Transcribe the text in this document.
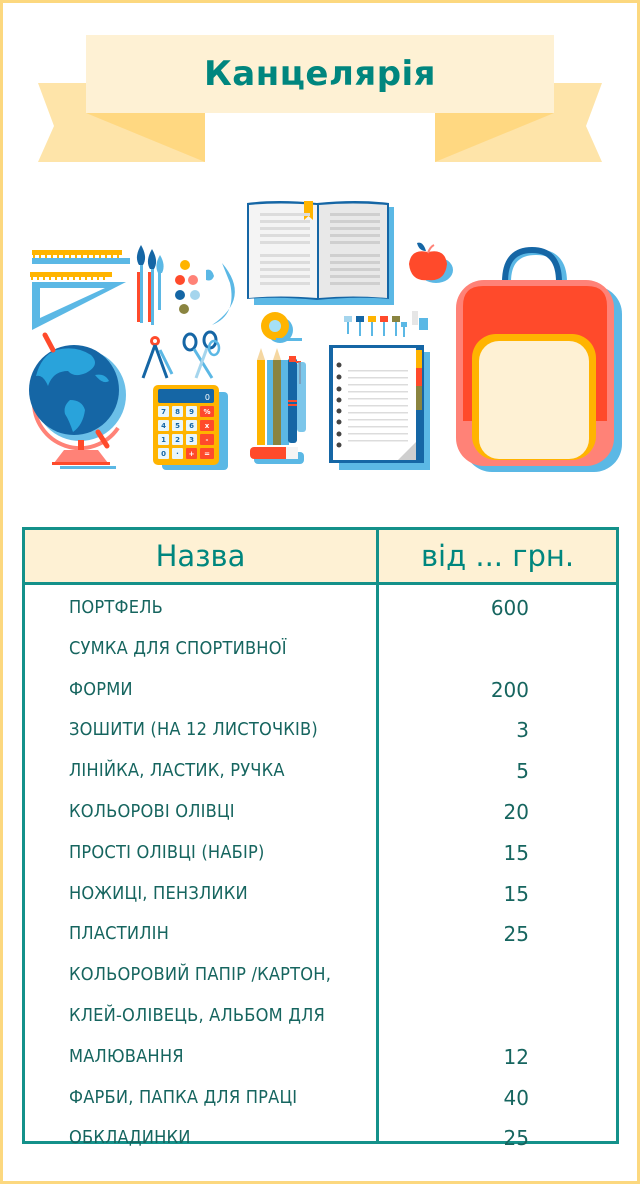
Канцелярія
0
7 8 9 %
4 5 6 x
1 2 3 -
0 · + =
Назва	від ... грн.
ПОРТФЕЛЬ	600
СУМКА ДЛЯ СПОРТИВНОЇ
ФОРМИ	200
ЗОШИТИ (НА 12 ЛИСТОЧКІВ)	3
ЛІНІЙКА, ЛАСТИК, РУЧКА	5
КОЛЬОРОВІ ОЛІВЦІ	20
ПРОСТІ ОЛІВЦІ (НАБІР)	15
НОЖИЦІ, ПЕНЗЛИКИ	15
ПЛАСТИЛІН	25
КОЛЬОРОВИЙ ПАПІР /КАРТОН,
КЛЕЙ-ОЛІВЕЦЬ, АЛЬБОМ ДЛЯ
МАЛЮВАННЯ	12
ФАРБИ, ПАПКА ДЛЯ ПРАЦІ	40
ОБКЛАДИНКИ	25
